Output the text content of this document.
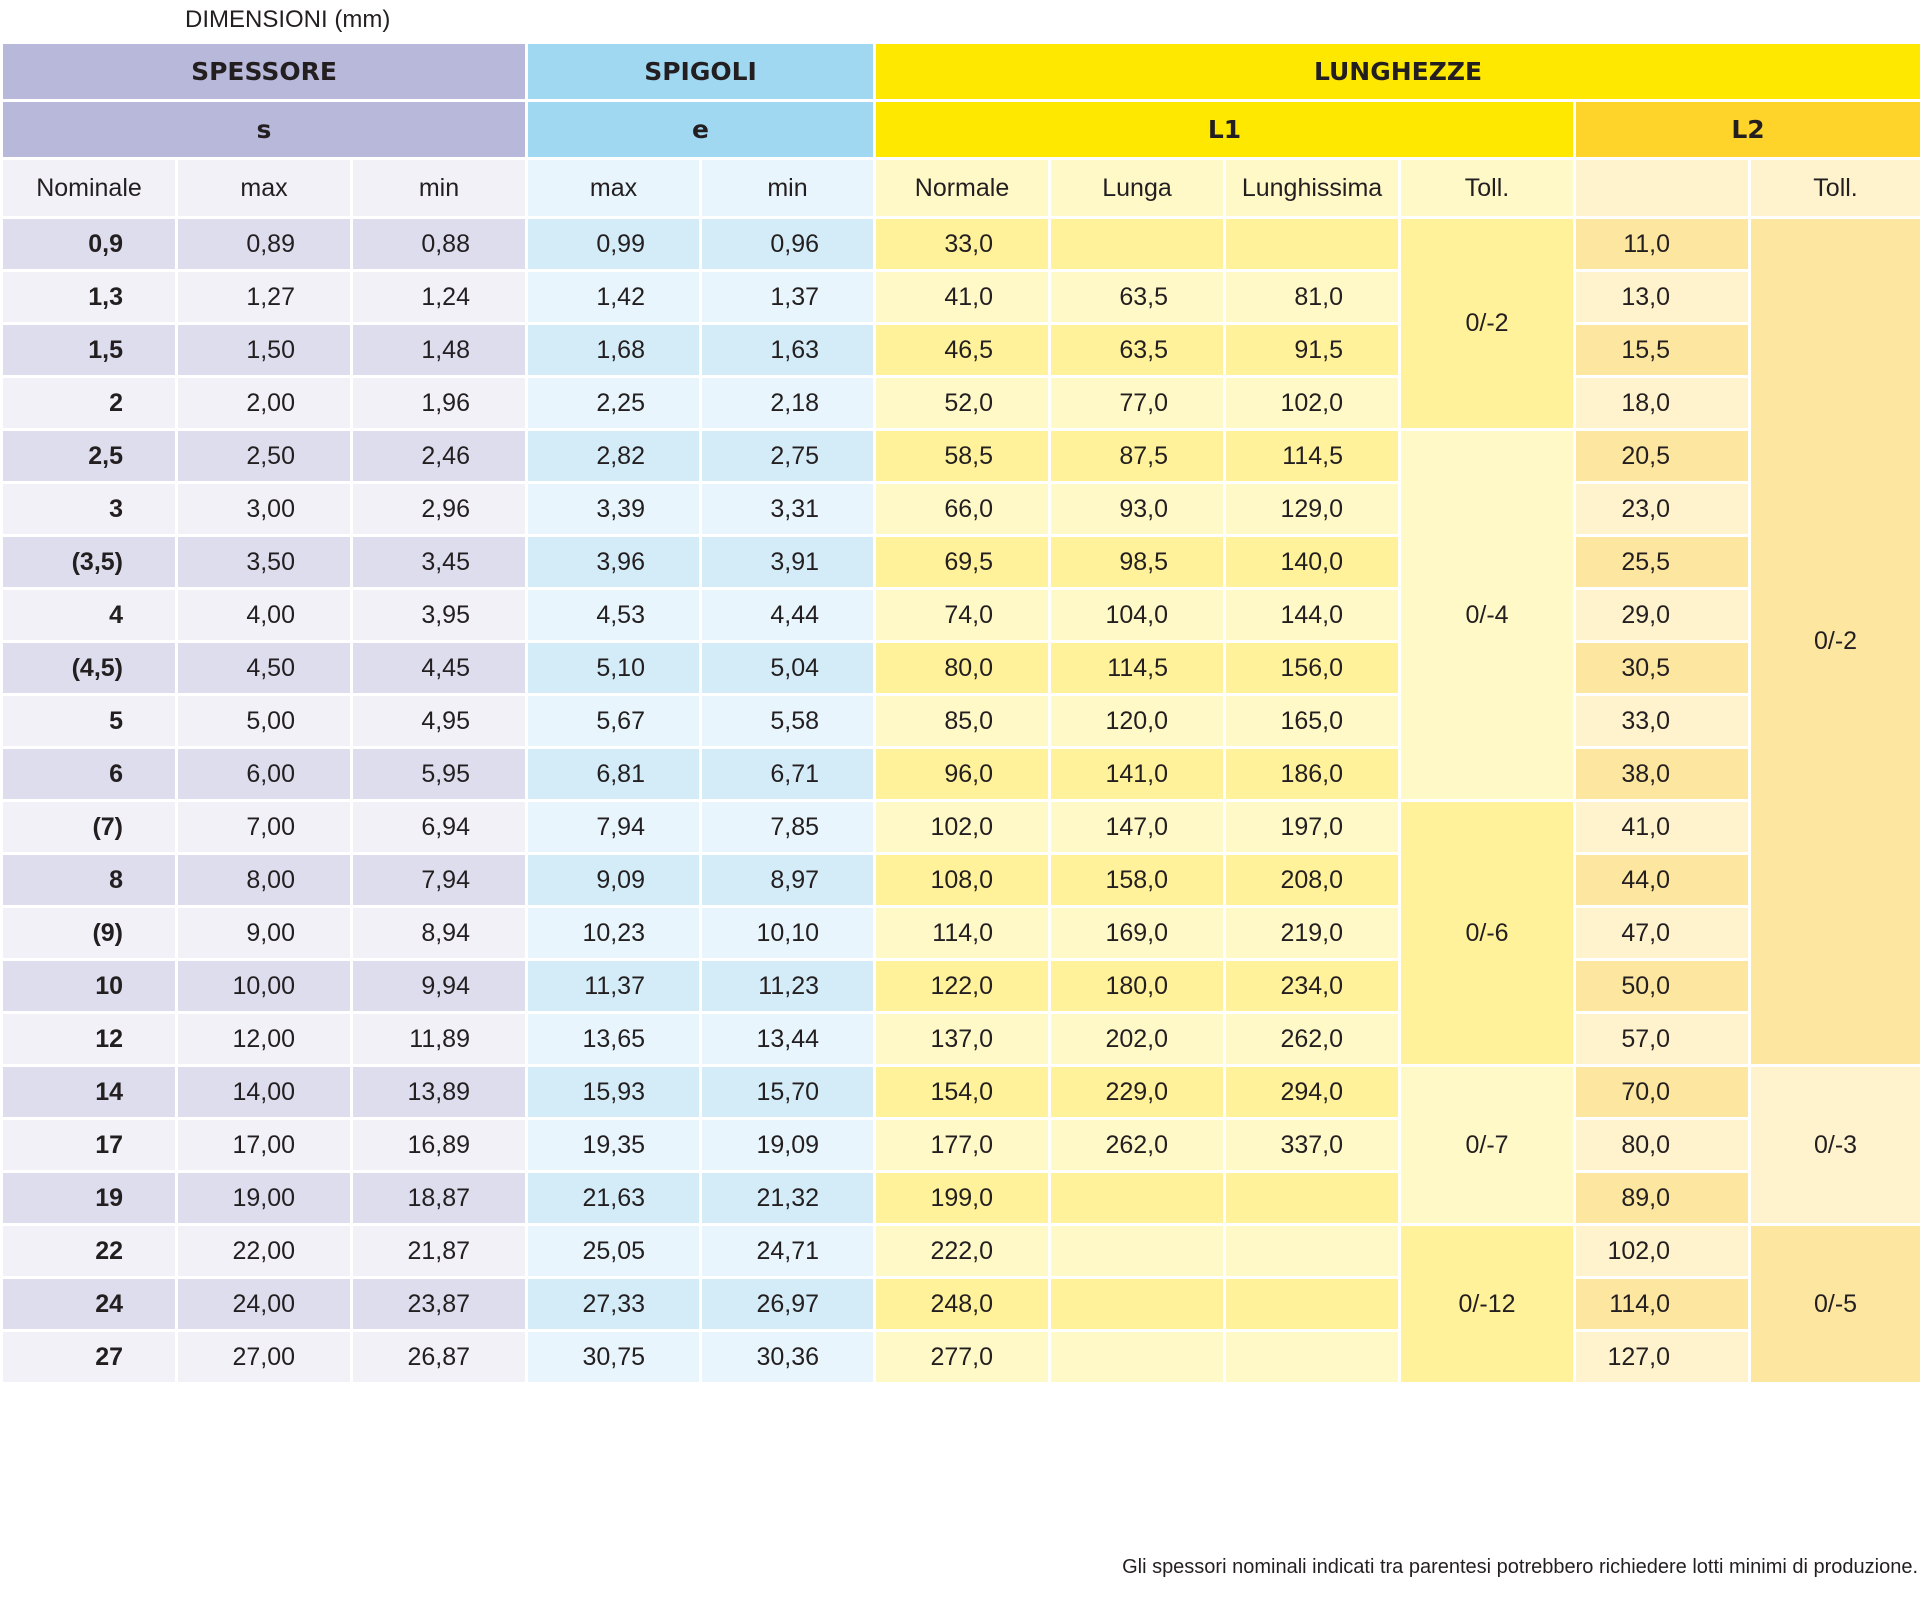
DIMENSIONI (mm)
SPESSORE			SPIGOLI		LUNGHEZZE					
s			e		L1				L2	
Nominale	max	min	max	min	Normale	Lunga	Lunghissima	Toll.		Toll.
0,9	0,89	0,88	0,99	0,96	33,0			0/-2	11,0	0/-2
1,3	1,27	1,24	1,42	1,37	41,0	63,5	81,0		13,0	
1,5	1,50	1,48	1,68	1,63	46,5	63,5	91,5		15,5	
2	2,00	1,96	2,25	2,18	52,0	77,0	102,0		18,0	
2,5	2,50	2,46	2,82	2,75	58,5	87,5	114,5	0/-4	20,5	
3	3,00	2,96	3,39	3,31	66,0	93,0	129,0		23,0	
(3,5)	3,50	3,45	3,96	3,91	69,5	98,5	140,0		25,5	
4	4,00	3,95	4,53	4,44	74,0	104,0	144,0		29,0	
(4,5)	4,50	4,45	5,10	5,04	80,0	114,5	156,0		30,5	
5	5,00	4,95	5,67	5,58	85,0	120,0	165,0		33,0	
6	6,00	5,95	6,81	6,71	96,0	141,0	186,0		38,0	
(7)	7,00	6,94	7,94	7,85	102,0	147,0	197,0	0/-6	41,0	
8	8,00	7,94	9,09	8,97	108,0	158,0	208,0		44,0	
(9)	9,00	8,94	10,23	10,10	114,0	169,0	219,0		47,0	
10	10,00	9,94	11,37	11,23	122,0	180,0	234,0		50,0	
12	12,00	11,89	13,65	13,44	137,0	202,0	262,0		57,0	
14	14,00	13,89	15,93	15,70	154,0	229,0	294,0	0/-7	70,0	0/-3
17	17,00	16,89	19,35	19,09	177,0	262,0	337,0		80,0	
19	19,00	18,87	21,63	21,32	199,0				89,0	
22	22,00	21,87	25,05	24,71	222,0			0/-12	102,0	0/-5
24	24,00	23,87	27,33	26,97	248,0				114,0	
27	27,00	26,87	30,75	30,36	277,0				127,0	
Gli spessori nominali indicati tra parentesi potrebbero richiedere lotti minimi di produzione.
